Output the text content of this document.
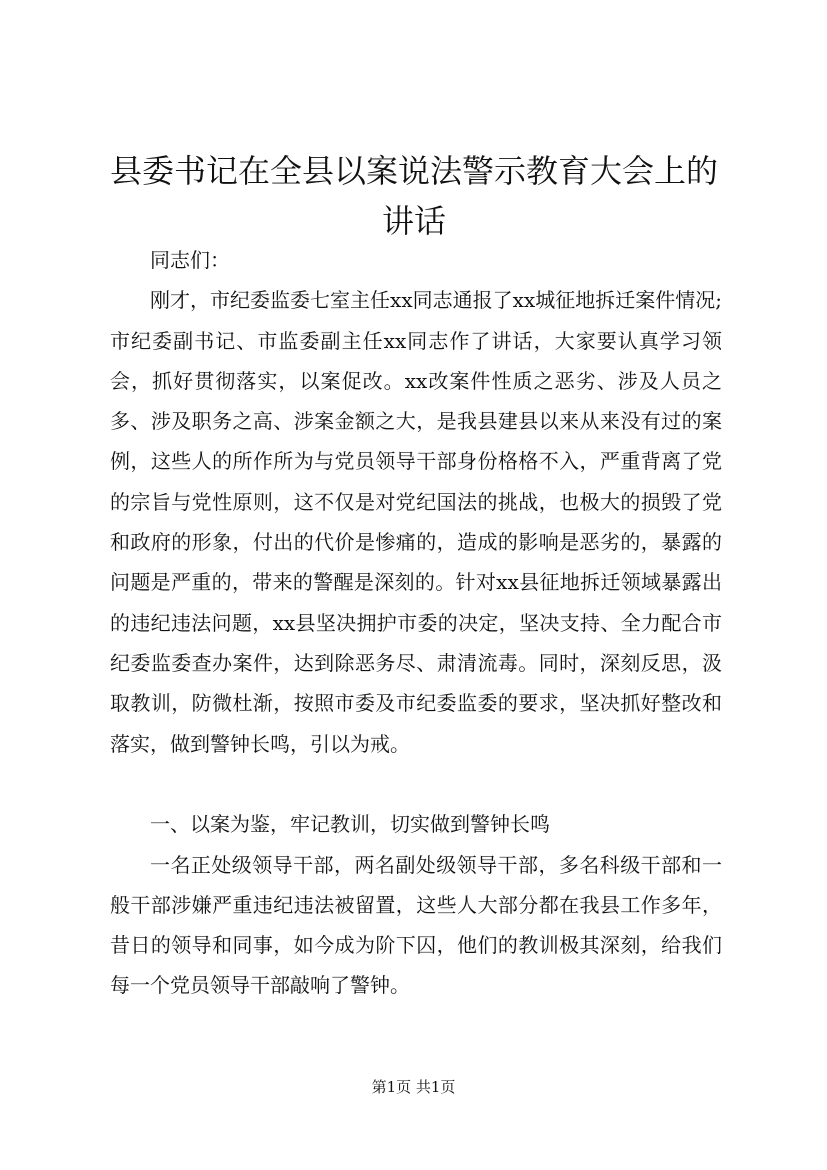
县委书记在全县以案说法警示教育大会上的讲话

同志们：

刚才，市纪委监委七室主任xx同志通报了xx城征地拆迁案件情况;市纪委副书记、市监委副主任xx同志作了讲话，大家要认真学习领会，抓好贯彻落实，以案促改。xx改案件性质之恶劣、涉及人员之多、涉及职务之高、涉案金额之大，是我县建县以来从来没有过的案例，这些人的所作所为与党员领导干部身份格格不入，严重背离了党的宗旨与党性原则，这不仅是对党纪国法的挑战，也极大的损毁了党和政府的形象，付出的代价是惨痛的，造成的影响是恶劣的，暴露的问题是严重的，带来的警醒是深刻的。针对xx县征地拆迁领域暴露出的违纪违法问题，xx县坚决拥护市委的决定，坚决支持、全力配合市纪委监委查办案件，达到除恶务尽、肃清流毒。同时，深刻反思，汲取教训，防微杜渐，按照市委及市纪委监委的要求，坚决抓好整改和落实，做到警钟长鸣，引以为戒。

一、以案为鉴，牢记教训，切实做到警钟长鸣

一名正处级领导干部，两名副处级领导干部，多名科级干部和一般干部涉嫌严重违纪违法被留置，这些人大部分都在我县工作多年，昔日的领导和同事，如今成为阶下囚，他们的教训极其深刻，给我们每一个党员领导干部敲响了警钟。

第1页 共1页
